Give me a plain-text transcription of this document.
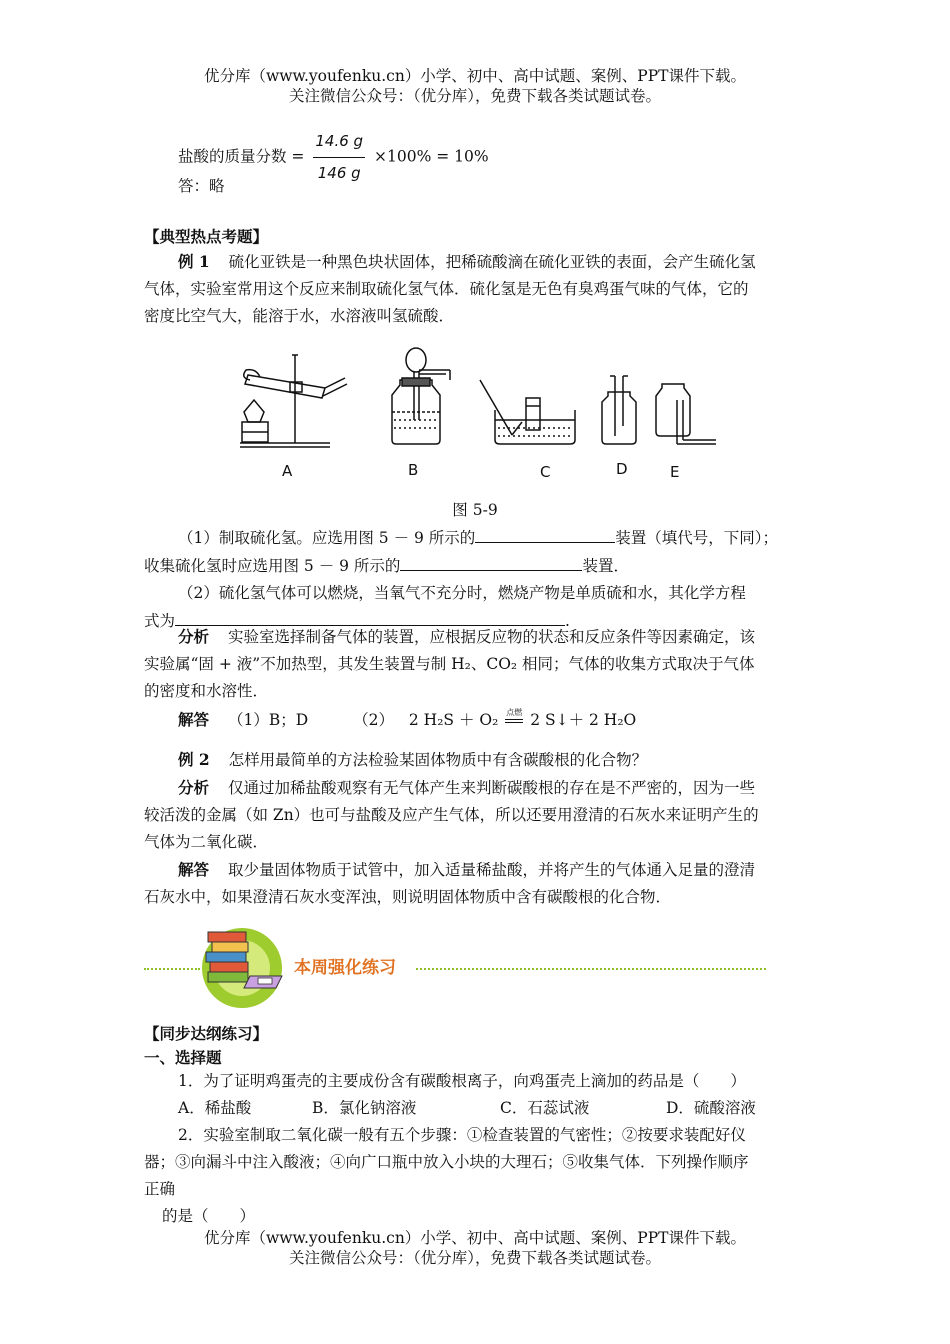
优分库（www.youfenku.cn）小学、初中、高中试题、案例、PPT课件下载。
关注微信公众号：（优分库），免费下载各类试题试卷。
盐酸的质量分数 = $\frac{14.6 g}{146 g} \times 100\% = 10\%$
答：略
【典型热点考题】
例 1 硫化亚铁是一种黑色块状固体，把稀硫酸滴在硫化亚铁的表面，会产生硫化氢
气体，实验室常用这个反应来制取硫化氢气体．硫化氢是无色有臭鸡蛋气味的气体，它的
密度比空气大，能溶于水，水溶液叫氢硫酸．
A	B	C	D	E
图 5-9
（1）制取硫化氢。应选用图 5 － 9 所示的	装置（填代号，下同）；
收集硫化氢时应选用图 5 － 9 所示的	装置．
（2）硫化氢气体可以燃烧，当氧气不充分时，燃烧产物是单质硫和水，其化学方程
式为	.
分析 实验室选择制备气体的装置，应根据反应物的状态和反应条件等因素确定，该
实验属“固 + 液”不加热型，其发生装置与制 H₂、CO₂ 相同；气体的收集方式取决于气体
的密度和水溶性．
解答 （1）B；D	（2） 2 H₂S ＋ O₂ 点燃 2 S↓＋ 2 H₂O
例 2 怎样用最简单的方法检验某固体物质中有含碳酸根的化合物？
分析 仅通过加稀盐酸观察有无气体产生来判断碳酸根的存在是不严密的，因为一些
较活泼的金属（如 Zn）也可与盐酸及应产生气体，所以还要用澄清的石灰水来证明产生的
气体为二氧化碳．
解答 取少量固体物质于试管中，加入适量稀盐酸，并将产生的气体通入足量的澄清
石灰水中，如果澄清石灰水变浑浊，则说明固体物质中含有碳酸根的化合物．
本周强化练习
【同步达纲练习】
一、选择题
1．为了证明鸡蛋壳的主要成份含有碳酸根离子，向鸡蛋壳上滴加的药品是（　　）
A．稀盐酸	B．氯化钠溶液	C．石蕊试液	D．硫酸溶液
2．实验室制取二氧化碳一般有五个步骤：①检查装置的气密性；②按要求装配好仪
器；③向漏斗中注入酸液；④向广口瓶中放入小块的大理石；⑤收集气体．下列操作顺序
正确
的是（　　）
优分库（www.youfenku.cn）小学、初中、高中试题、案例、PPT课件下载。
关注微信公众号：（优分库），免费下载各类试题试卷。
